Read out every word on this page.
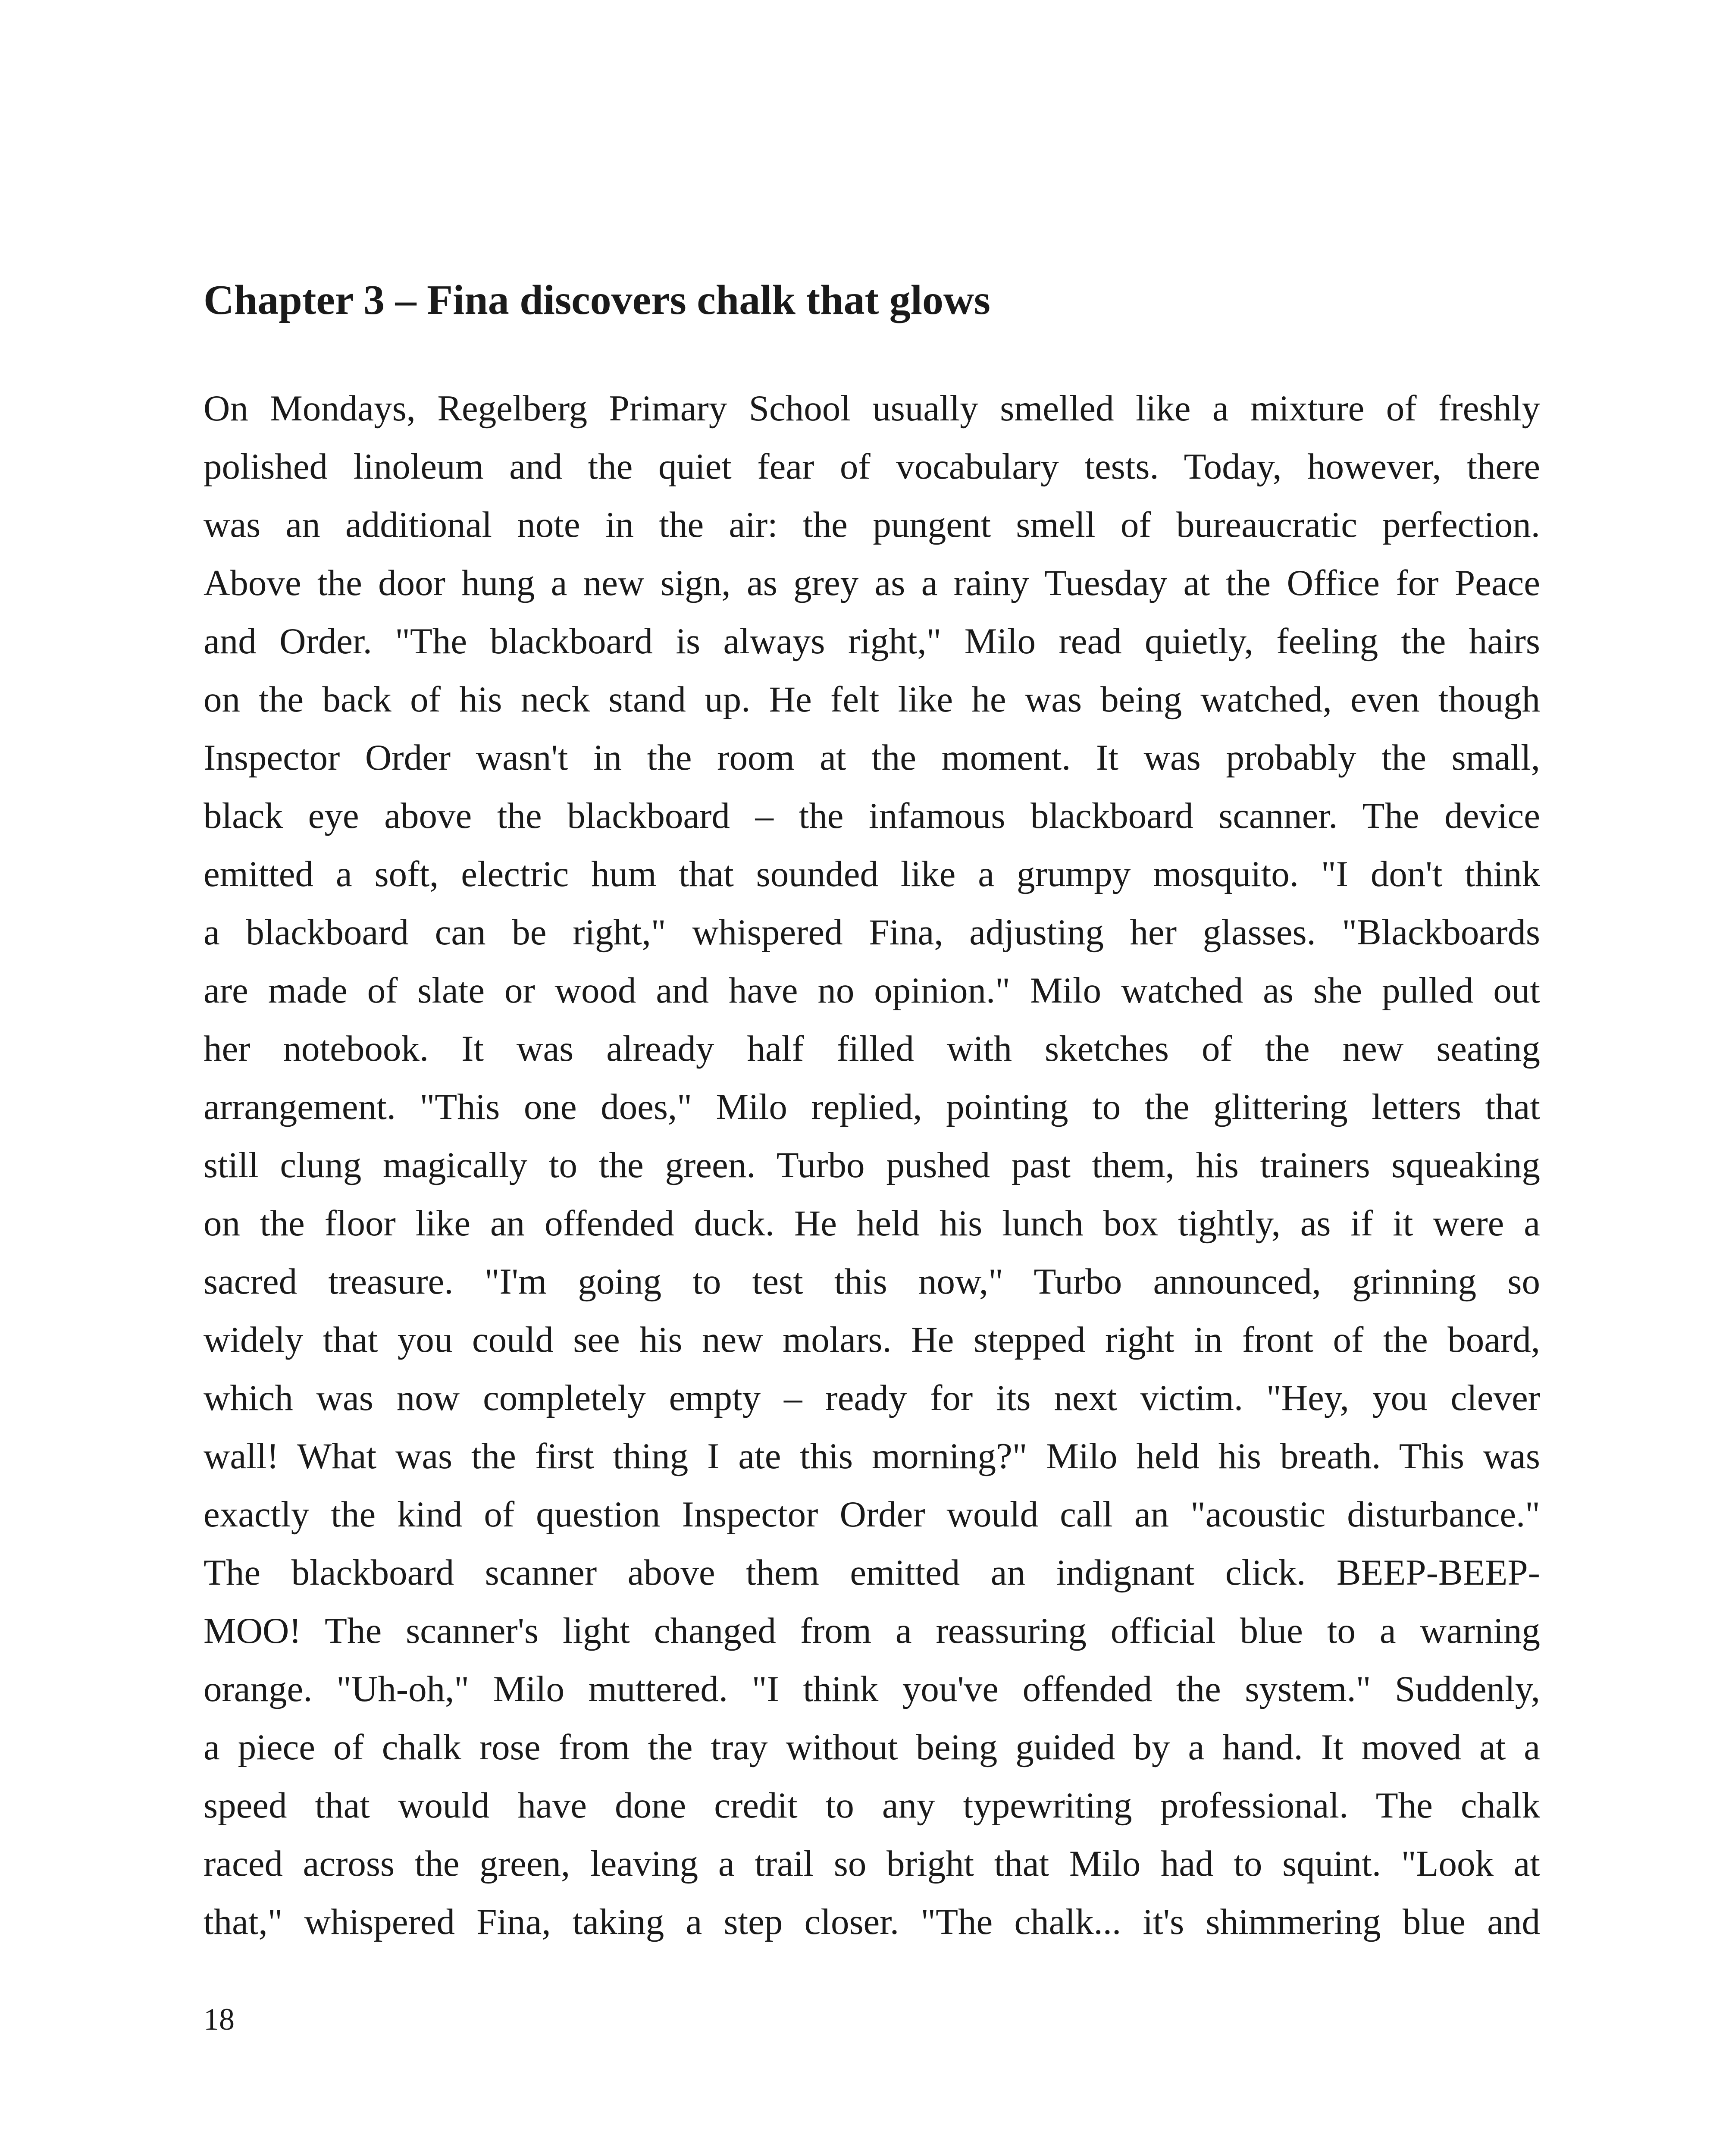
Chapter 3 – Fina discovers chalk that glows
On Mondays, Regelberg Primary School usually smelled like a mixture of freshly
polished linoleum and the quiet fear of vocabulary tests. Today, however, there
was an additional note in the air: the pungent smell of bureaucratic perfection.
Above the door hung a new sign, as grey as a rainy Tuesday at the Office for Peace
and Order. "The blackboard is always right," Milo read quietly, feeling the hairs
on the back of his neck stand up. He felt like he was being watched, even though
Inspector Order wasn't in the room at the moment. It was probably the small,
black eye above the blackboard – the infamous blackboard scanner. The device
emitted a soft, electric hum that sounded like a grumpy mosquito. "I don't think
a blackboard can be right," whispered Fina, adjusting her glasses. "Blackboards
are made of slate or wood and have no opinion." Milo watched as she pulled out
her notebook. It was already half filled with sketches of the new seating
arrangement. "This one does," Milo replied, pointing to the glittering letters that
still clung magically to the green. Turbo pushed past them, his trainers squeaking
on the floor like an offended duck. He held his lunch box tightly, as if it were a
sacred treasure. "I'm going to test this now," Turbo announced, grinning so
widely that you could see his new molars. He stepped right in front of the board,
which was now completely empty – ready for its next victim. "Hey, you clever
wall! What was the first thing I ate this morning?" Milo held his breath. This was
exactly the kind of question Inspector Order would call an "acoustic disturbance."
The blackboard scanner above them emitted an indignant click. BEEP-BEEP-
MOO! The scanner's light changed from a reassuring official blue to a warning
orange. "Uh-oh," Milo muttered. "I think you've offended the system." Suddenly,
a piece of chalk rose from the tray without being guided by a hand. It moved at a
speed that would have done credit to any typewriting professional. The chalk
raced across the green, leaving a trail so bright that Milo had to squint. "Look at
that," whispered Fina, taking a step closer. "The chalk... it's shimmering blue and

18
